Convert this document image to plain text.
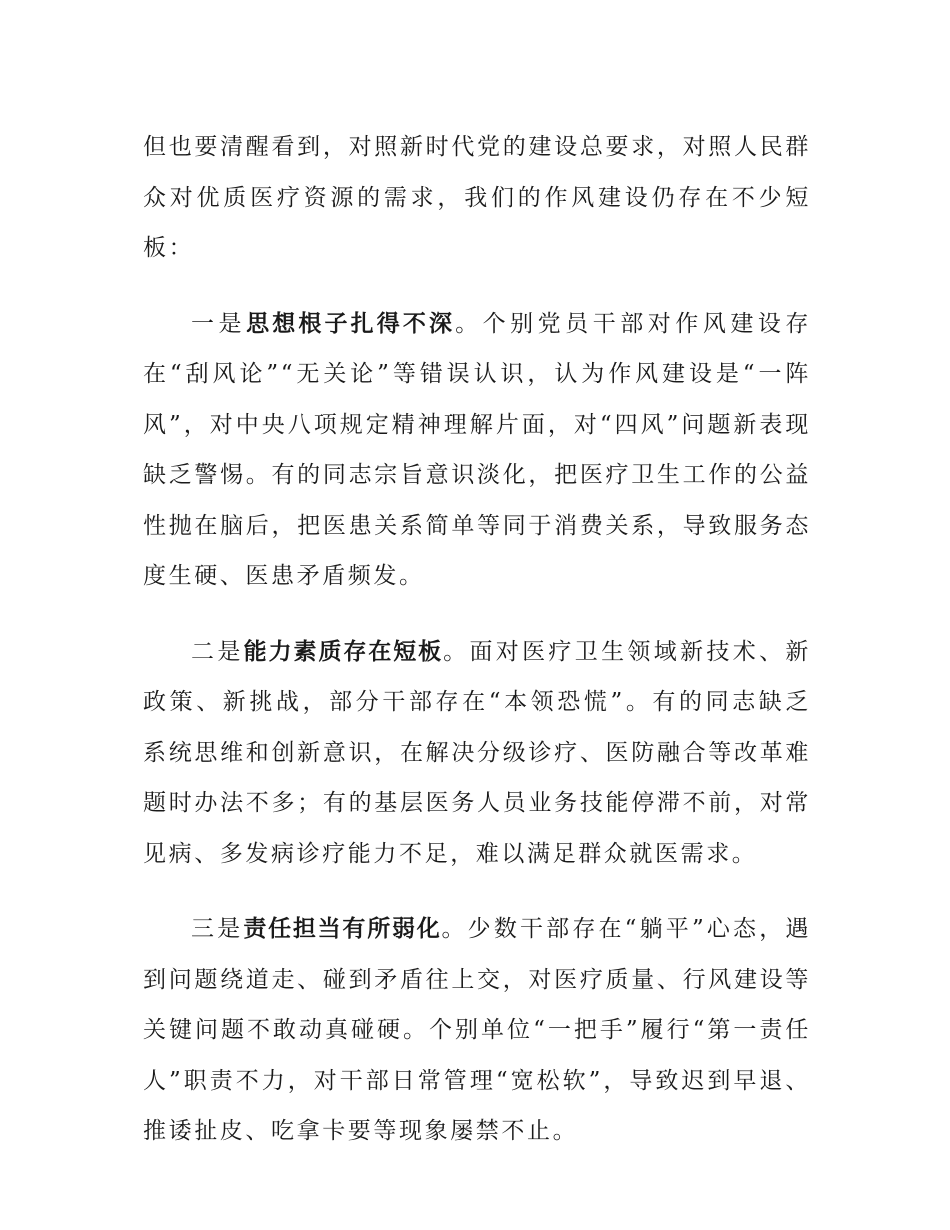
但也要清醒看到，对照新时代党的建设总要求，对照人民群众对优质医疗资源的需求，我们的作风建设仍存在不少短板：

一是思想根子扎得不深。个别党员干部对作风建设存在“刮风论”“无关论”等错误认识，认为作风建设是“一阵风”，对中央八项规定精神理解片面，对“四风”问题新表现缺乏警惕。有的同志宗旨意识淡化，把医疗卫生工作的公益性抛在脑后，把医患关系简单等同于消费关系，导致服务态度生硬、医患矛盾频发。

二是能力素质存在短板。面对医疗卫生领域新技术、新政策、新挑战，部分干部存在“本领恐慌”。有的同志缺乏系统思维和创新意识，在解决分级诊疗、医防融合等改革难题时办法不多；有的基层医务人员业务技能停滞不前，对常见病、多发病诊疗能力不足，难以满足群众就医需求。

三是责任担当有所弱化。少数干部存在“躺平”心态，遇到问题绕道走、碰到矛盾往上交，对医疗质量、行风建设等关键问题不敢动真碰硬。个别单位“一把手”履行“第一责任人”职责不力，对干部日常管理“宽松软”，导致迟到早退、推诿扯皮、吃拿卡要等现象屡禁不止。
